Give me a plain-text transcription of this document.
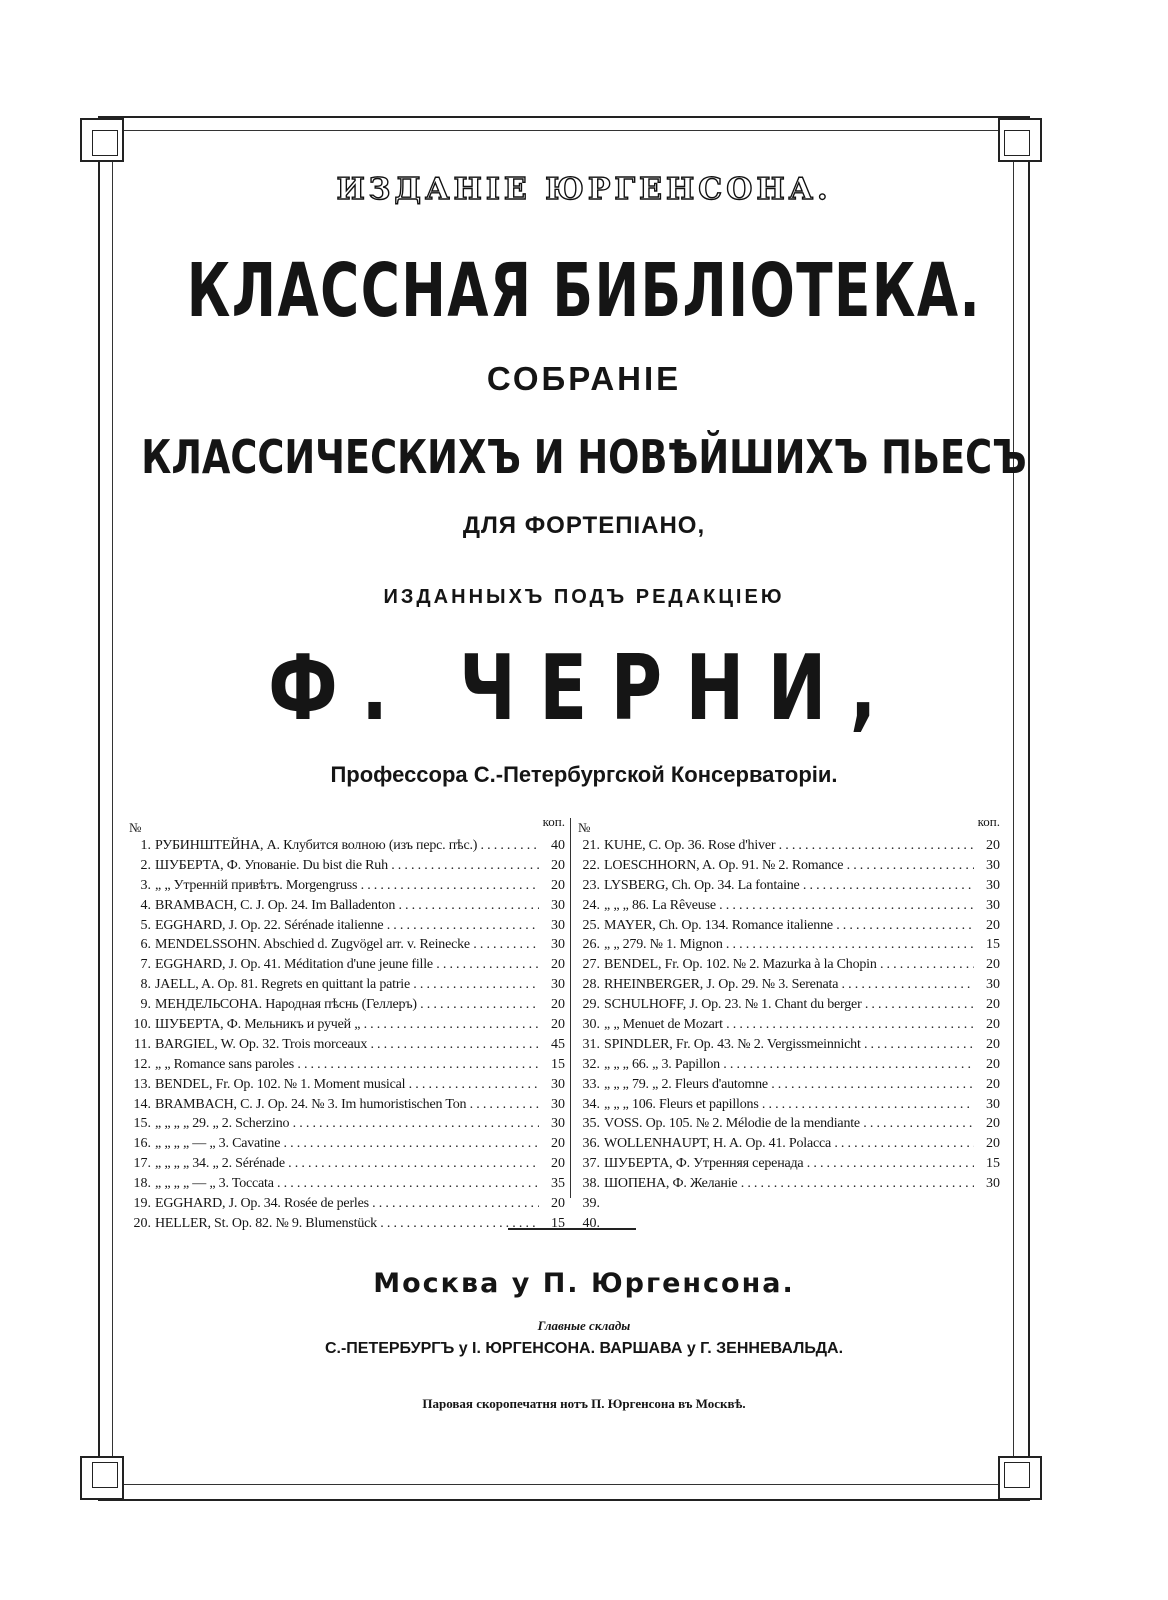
ИЗДАНІЕ ЮРГЕНСОНА.
КЛАССНАЯ БИБЛІОТЕКА.
СОБРАНІЕ
КЛАССИЧЕСКИХЪ И НОВѢЙШИХЪ ПЬЕСЪ
ДЛЯ ФОРТЕПІАНО,
ИЗДАННЫХЪ ПОДЪ РЕДАКЦІЕЮ
Ф. ЧЕРНИ,
Профессора С.-Петербургской Консерваторіи.
№	коп.
1. РУБИНШТЕЙНА, А. Клубится волною (изъ перс. пѣс.) . . .	40
2. ШУБЕРТА, Ф. Упованіе. Du bist die Ruh . . .	20
3. „ „ Утренній привѣтъ. Morgengruss . . .	20
4. BRAMBACH, C. J. Op. 24. Im Balladenton . . .	30
5. EGGHARD, J. Op. 22. Sérénade italienne . . .	30
6. MENDELSSOHN. Abschied d. Zugvögel arr. v. Reinecke . . .	30
7. EGGHARD, J. Op. 41. Méditation d'une jeune fille . . .	20
8. JAELL, A. Op. 81. Regrets en quittant la patrie . . .	30
9. МЕНДЕЛЬСОНА. Народная пѣснь (Геллеръ) . . .	20
10. ШУБЕРТА, Ф. Мельникъ и ручей „ . . .	20
11. BARGIEL, W. Op. 32. Trois morceaux . . .	45
12. „ „ Romance sans paroles . . .	15
13. BENDEL, Fr. Op. 102. № 1. Moment musical . . .	30
14. BRAMBACH, C. J. Op. 24. № 3. Im humoristischen Ton . . .	30
15. „ „ „ „ 29. „ 2. Scherzino . . .	30
16. „ „ „ „ — „ 3. Cavatine . . .	20
17. „ „ „ „ 34. „ 2. Sérénade . . .	20
18. „ „ „ „ — „ 3. Toccata . . .	35
19. EGGHARD, J. Op. 34. Rosée de perles . . .	20
20. HELLER, St. Op. 82. № 9. Blumenstück . . .	15
№	коп.
21. KUHE, C. Op. 36. Rose d'hiver . . .	20
22. LOESCHHORN, A. Op. 91. № 2. Romance . . .	30
23. LYSBERG, Ch. Op. 34. La fontaine . . .	30
24. „ „ „ 86. La Rêveuse . . .	30
25. MAYER, Ch. Op. 134. Romance italienne . . .	20
26. „ „ 279. № 1. Mignon . . .	15
27. BENDEL, Fr. Op. 102. № 2. Mazurka à la Chopin . . .	20
28. RHEINBERGER, J. Op. 29. № 3. Serenata . . .	30
29. SCHULHOFF, J. Op. 23. № 1. Chant du berger . . .	20
30. „ „ Menuet de Mozart . . .	20
31. SPINDLER, Fr. Op. 43. № 2. Vergissmeinnicht . . .	20
32. „ „ „ 66. „ 3. Papillon . . .	20
33. „ „ „ 79. „ 2. Fleurs d'automne . . .	20
34. „ „ „ 106. Fleurs et papillons . . .	30
35. VOSS. Op. 105. № 2. Mélodie de la mendiante . . .	20
36. WOLLENHAUPT, H. A. Op. 41. Polacca . . .	20
37. ШУБЕРТА, Ф. Утренняя серенада . . .	15
38. ШОПЕНА, Ф. Желаніе . . .	30
39.
40.
Москва у П. Юргенсона.
Главные склады
С.-ПЕТЕРБУРГЪ у I. ЮРГЕНСОНА. ВАРШАВА у Г. ЗЕННЕВАЛЬДА.
Паровая скоропечатня нотъ П. Юргенсона въ Москвѣ.
